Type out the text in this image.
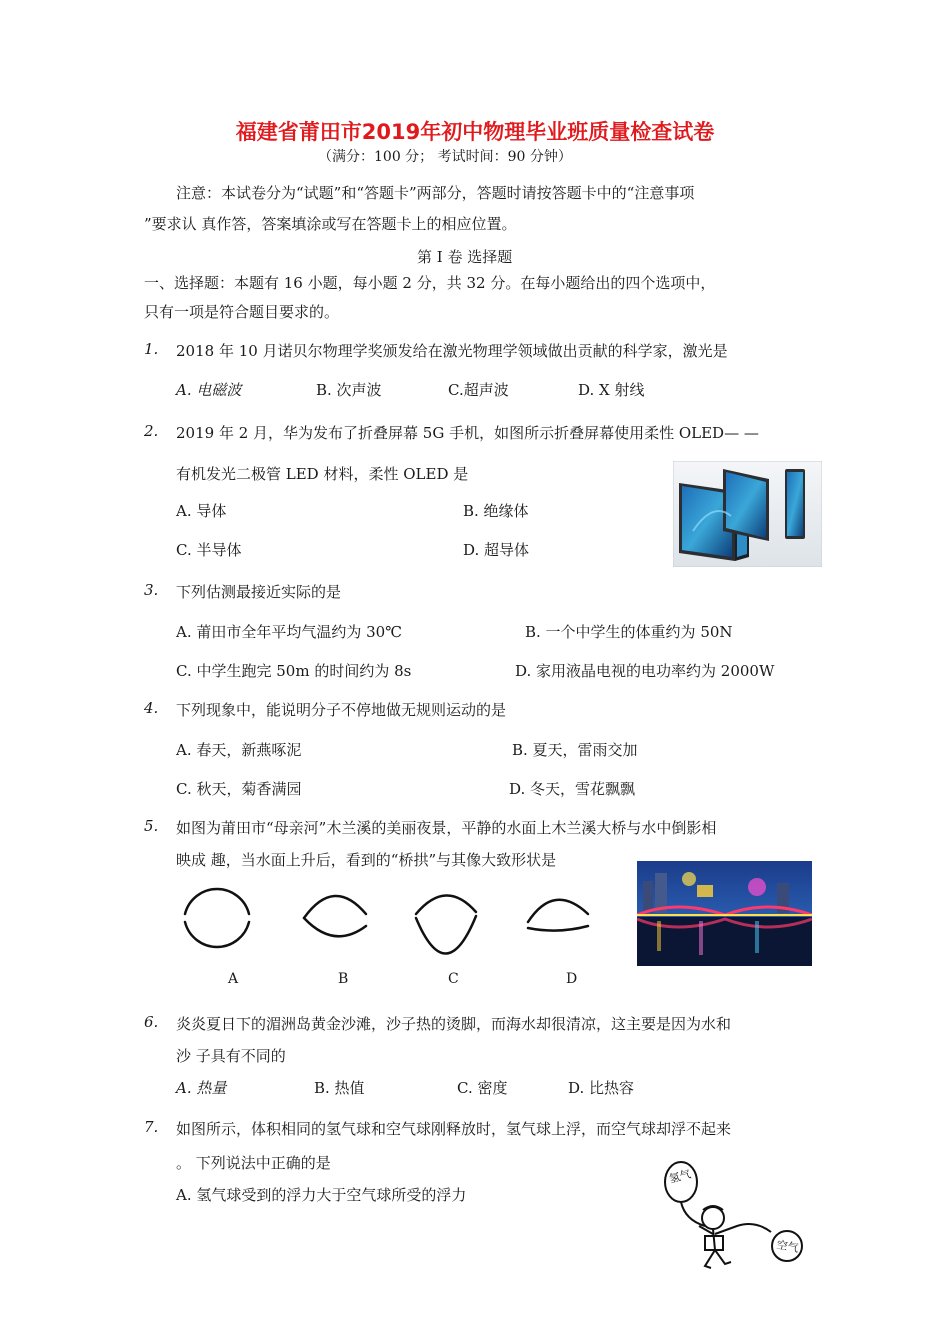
福建省莆田市2019年初中物理毕业班质量检查试卷
（满分：100 分； 考试时间：90 分钟）
注意：本试卷分为“试题”和“答题卡”两部分，答题时请按答题卡中的“注意事项
”要求认 真作答，答案填涂或写在答题卡上的相应位置。
第 I 卷 选择题
一、选择题：本题有 16 小题，每小题 2 分，共 32 分。在每小题给出的四个选项中，
只有一项是符合题目要求的。
1. 2018 年 10 月诺贝尔物理学奖颁发给在激光物理学领域做出贡献的科学家，激光是
A. 电磁波	B. 次声波	C.超声波	D. X 射线
2. 2019 年 2 月，华为发布了折叠屏幕 5G 手机，如图所示折叠屏幕使用柔性 OLED— —
有机发光二极管 LED 材料，柔性 OLED 是
A. 导体	B. 绝缘体
C. 半导体	D. 超导体
3. 下列估测最接近实际的是
A. 莆田市全年平均气温约为 30℃	B. 一个中学生的体重约为 50N
C. 中学生跑完 50m 的时间约为 8s	D. 家用液晶电视的电功率约为 2000W
4. 下列现象中，能说明分子不停地做无规则运动的是
A. 春天，新燕啄泥	B. 夏天，雷雨交加
C. 秋天，菊香满园	D. 冬天，雪花飘飘
5. 如图为莆田市“母亲河”木兰溪的美丽夜景，平静的水面上木兰溪大桥与水中倒影相
映成 趣，当水面上升后，看到的“桥拱”与其像大致形状是
A	B	C	D
6. 炎炎夏日下的湄洲岛黄金沙滩，沙子热的烫脚，而海水却很清凉，这主要是因为水和
沙 子具有不同的
A. 热量	B. 热值	C. 密度	D. 比热容
7. 如图所示，体积相同的氢气球和空气球刚释放时，氢气球上浮，而空气球却浮不起来
。 下列说法中正确的是
A. 氢气球受到的浮力大于空气球所受的浮力
氢气
空气
